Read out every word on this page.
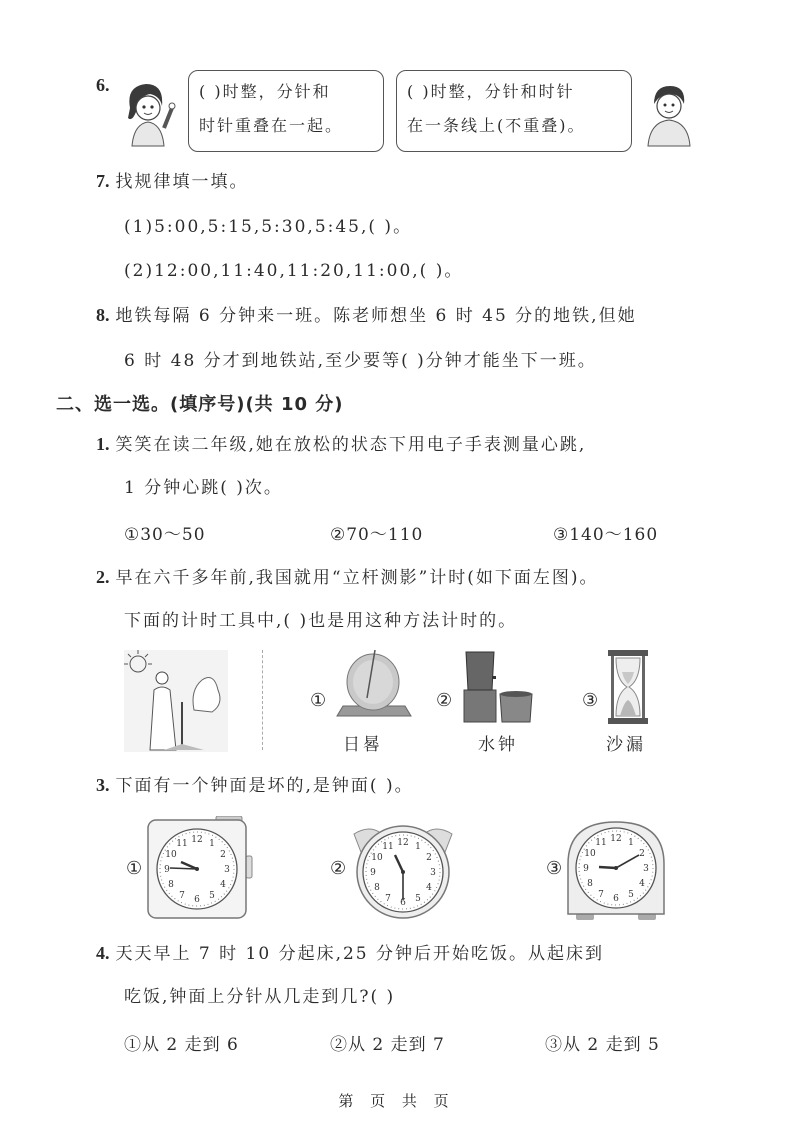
6.	( )时整，分针和
时针重叠在一起。
( )时整，分针和时针
在一条线上(不重叠)。
7. 找规律填一填。
(1)5:00,5:15,5:30,5:45,( )。
(2)12:00,11:40,11:20,11:00,( )。
8. 地铁每隔 6 分钟来一班。陈老师想坐 6 时 45 分的地铁,但她
6 时 48 分才到地铁站,至少要等( )分钟才能坐下一班。
二、选一选。(填序号)(共 10 分)
1. 笑笑在读二年级,她在放松的状态下用电子手表测量心跳,
1 分钟心跳( )次。
①30～50	②70～110	③140～160
2. 早在六千多年前,我国就用“立杆测影”计时(如下面左图)。
下面的计时工具中,( )也是用这种方法计时的。
①
日晷
②
水钟
③
沙漏
3. 下面有一个钟面是坏的,是钟面( )。
①
12 1
2
3
4
5
6
7
8
9
10
11
②
12 1
2
3
4
5
6
7
8
9
10
11
③
12 1
2
3
4
5
6
7
8
9
10
11
4. 天天早上 7 时 10 分起床,25 分钟后开始吃饭。从起床到
吃饭,钟面上分针从几走到几?( )
①从 2 走到 6	②从 2 走到 7	③从 2 走到 5
第 页 共 页
